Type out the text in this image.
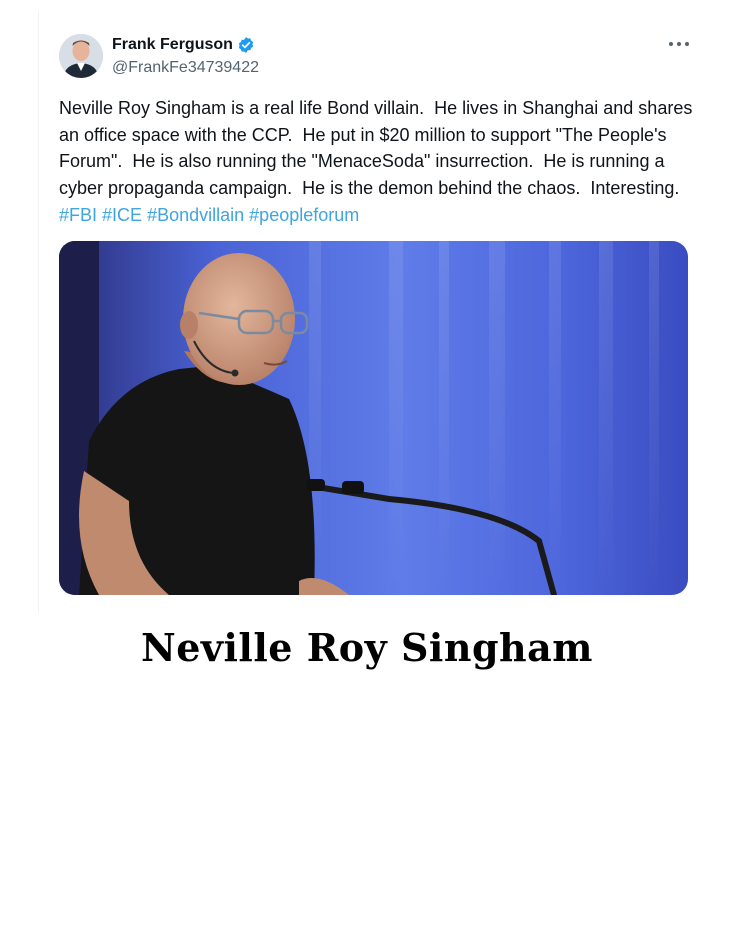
Frank Ferguson
@FrankFe34739422

Neville Roy Singham is a real life Bond villain.  He lives in Shanghai and shares an office space with the CCP.  He put in $20 million to support "The People's Forum".  He is also running the "MenaceSoda" insurrection.  He is running a cyber propaganda campaign.  He is the demon behind the chaos.  Interesting.  #FBI #ICE #Bondvillain #peopleforum

Neville Roy Singham
